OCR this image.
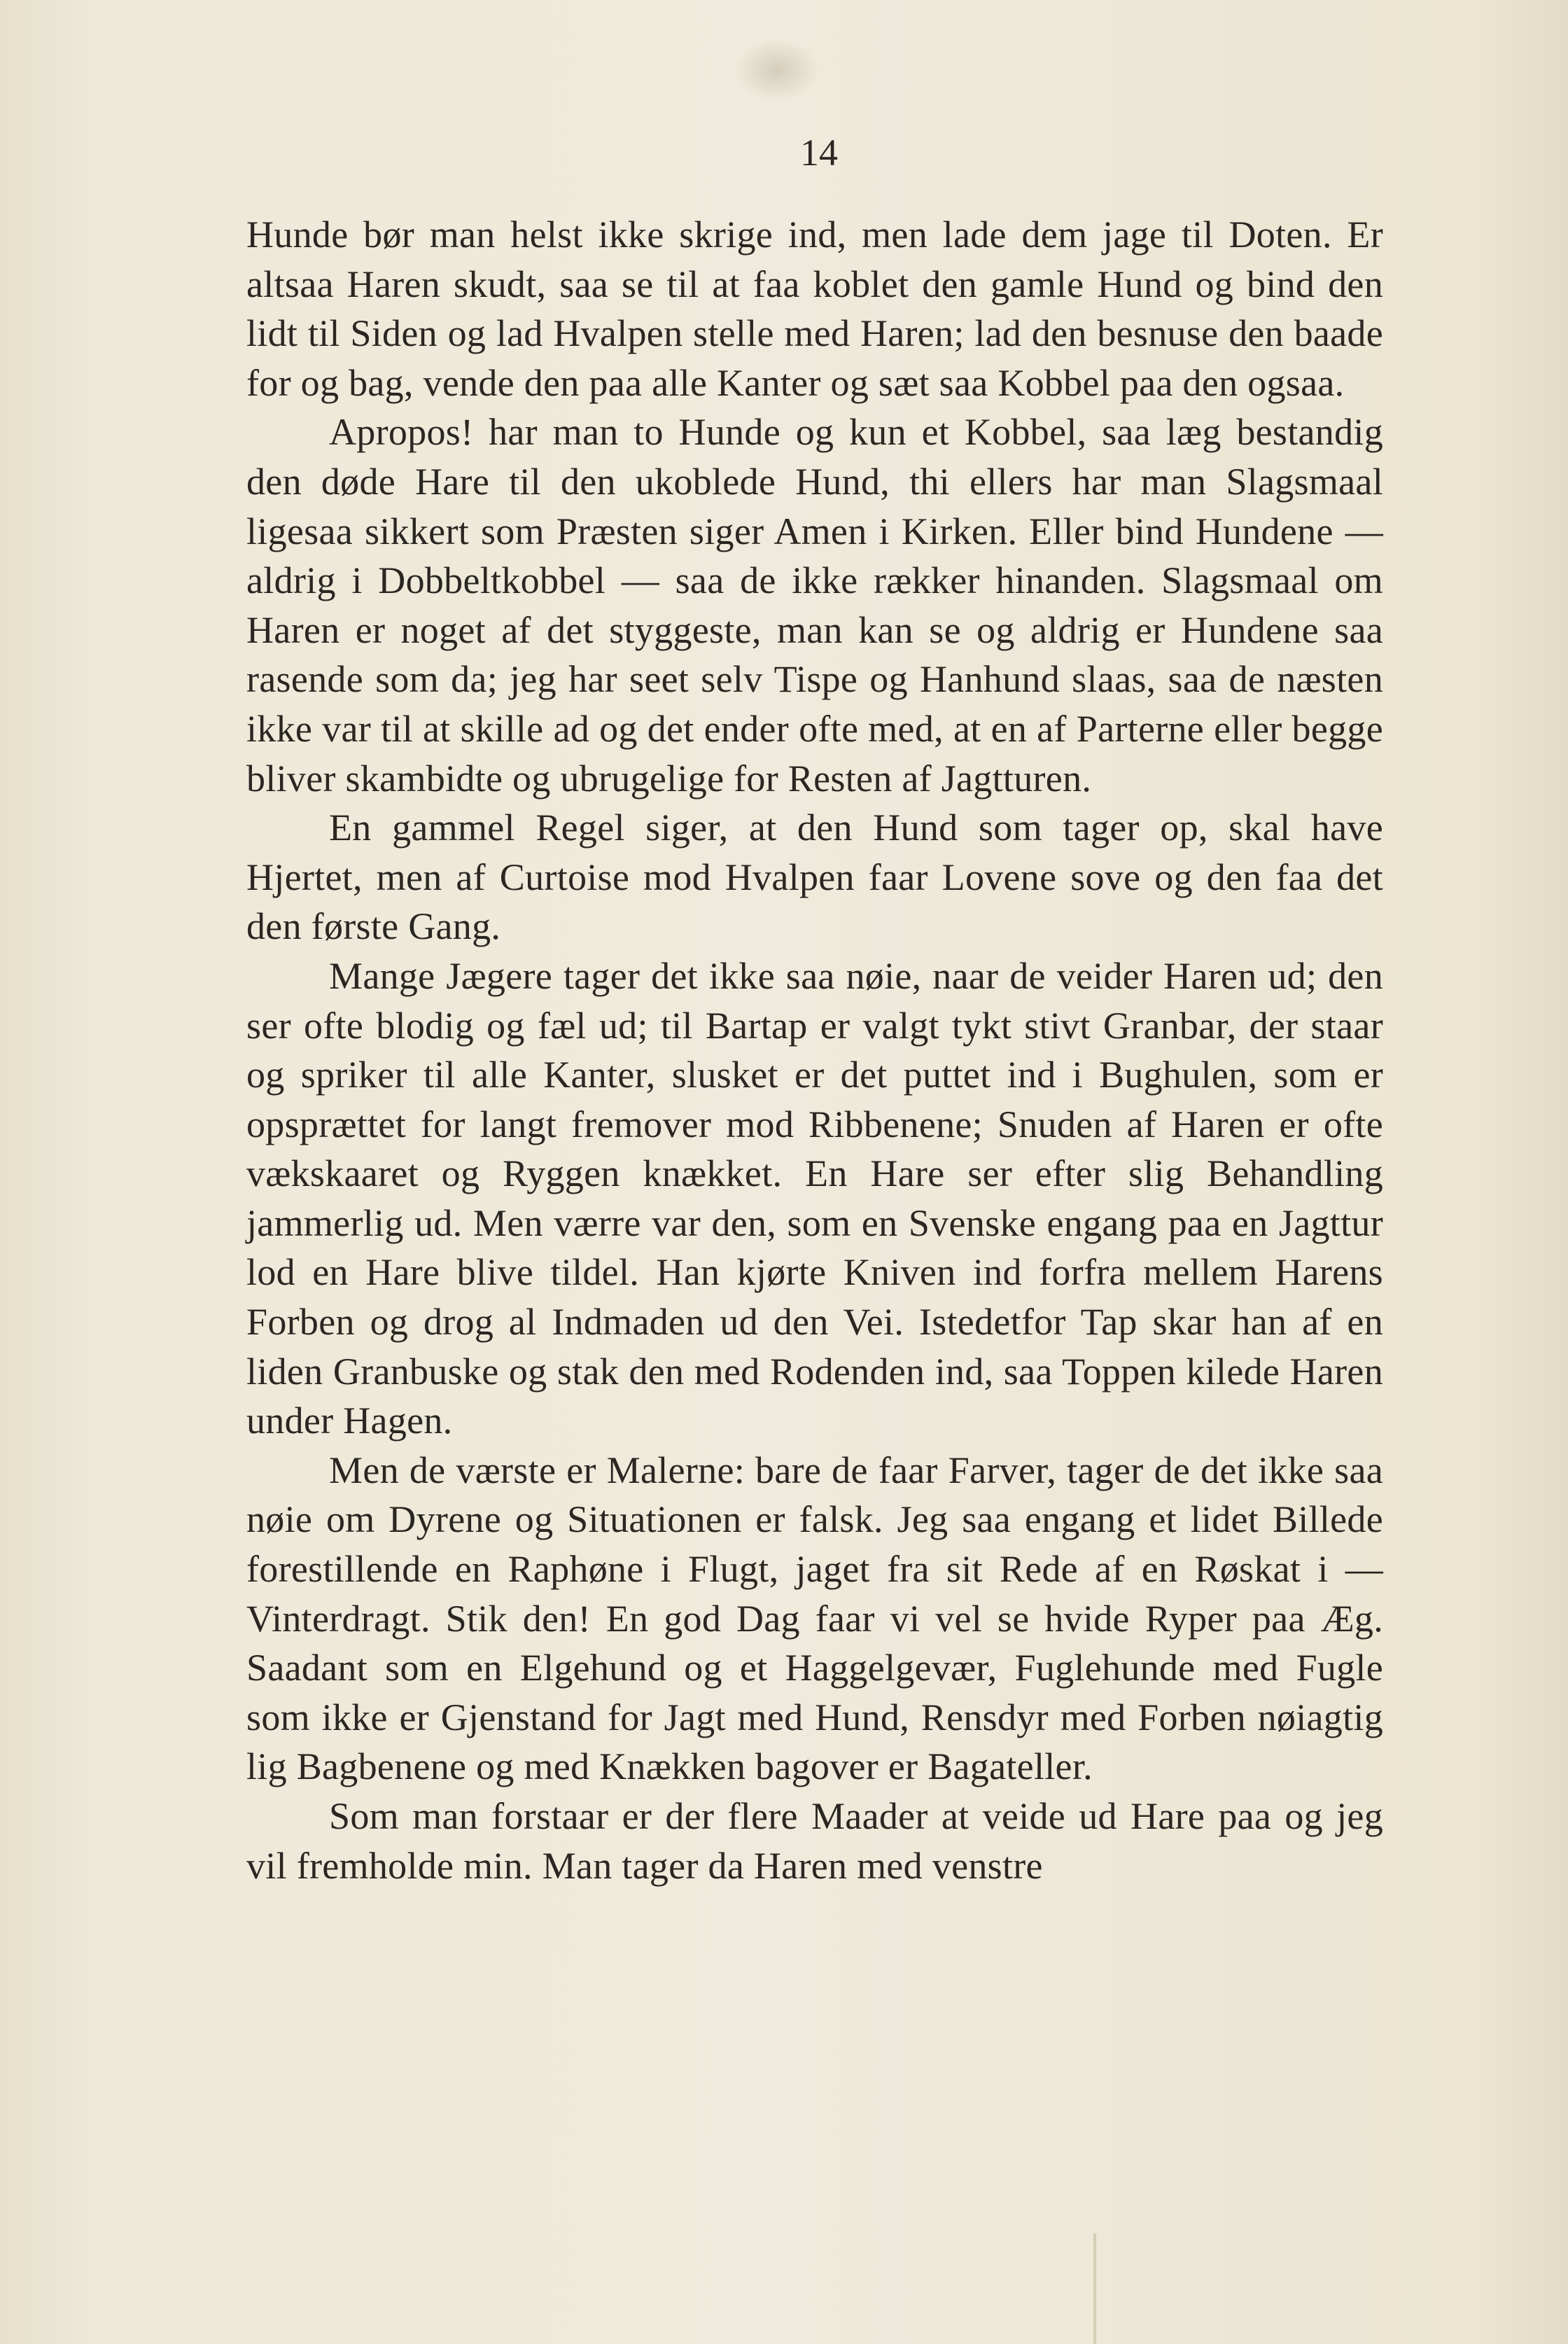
14

Hunde bør man helst ikke skrige ind, men lade dem jage til Doten. Er altsaa Haren skudt, saa se til at faa koblet den gamle Hund og bind den lidt til Siden og lad Hvalpen stelle med Haren; lad den besnuse den baade for og bag, vende den paa alle Kanter og sæt saa Kobbel paa den ogsaa.

Apropos! har man to Hunde og kun et Kobbel, saa læg bestandig den døde Hare til den ukoblede Hund, thi ellers har man Slagsmaal ligesaa sikkert som Præsten siger Amen i Kirken. Eller bind Hundene — aldrig i Dobbeltkobbel — saa de ikke rækker hinanden. Slagsmaal om Haren er noget af det styggeste, man kan se og aldrig er Hundene saa rasende som da; jeg har seet selv Tispe og Hanhund slaas, saa de næsten ikke var til at skille ad og det ender ofte med, at en af Parterne eller begge bliver skambidte og ubrugelige for Resten af Jagtturen.

En gammel Regel siger, at den Hund som tager op, skal have Hjertet, men af Curtoise mod Hvalpen faar Lovene sove og den faa det den første Gang.

Mange Jægere tager det ikke saa nøie, naar de veider Haren ud; den ser ofte blodig og fæl ud; til Bartap er valgt tykt stivt Granbar, der staar og spriker til alle Kanter, slusket er det puttet ind i Bughulen, som er opsprættet for langt fremover mod Ribbenene; Snuden af Haren er ofte vækskaaret og Ryggen knækket. En Hare ser efter slig Behandling jammerlig ud. Men værre var den, som en Svenske engang paa en Jagttur lod en Hare blive tildel. Han kjørte Kniven ind forfra mellem Harens Forben og drog al Indmaden ud den Vei. Istedetfor Tap skar han af en liden Granbuske og stak den med Rodenden ind, saa Toppen kilede Haren under Hagen.

Men de værste er Malerne: bare de faar Farver, tager de det ikke saa nøie om Dyrene og Situationen er falsk. Jeg saa engang et lidet Billede forestillende en Raphøne i Flugt, jaget fra sit Rede af en Røskat i — Vinterdragt. Stik den! En god Dag faar vi vel se hvide Ryper paa Æg. Saadant som en Elgehund og et Haggelgevær, Fuglehunde med Fugle som ikke er Gjenstand for Jagt med Hund, Rensdyr med Forben nøiagtig lig Bagbenene og med Knækken bagover er Bagateller.

Som man forstaar er der flere Maader at veide ud Hare paa og jeg vil fremholde min. Man tager da Haren med venstre
